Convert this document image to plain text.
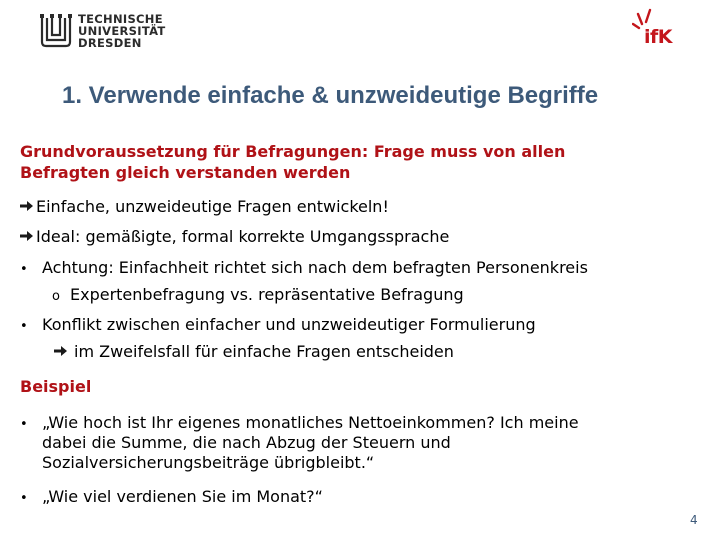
TECHNISCHE
UNIVERSITÄT
DRESDEN	ifK
1. Verwende einfache & unzweideutige Begriffe
Grundvoraussetzung für Befragungen: Frage muss von allen
Befragten gleich verstanden werden
Einfache, unzweideutige Fragen entwickeln!
Ideal: gemäßigte, formal korrekte Umgangssprache
• Achtung: Einfachheit richtet sich nach dem befragten Personenkreis
o Expertenbefragung vs. repräsentative Befragung
• Konflikt zwischen einfacher und unzweideutiger Formulierung
im Zweifelsfall für einfache Fragen entscheiden
Beispiel
• „Wie hoch ist Ihr eigenes monatliches Nettoeinkommen? Ich meine
dabei die Summe, die nach Abzug der Steuern und
Sozialversicherungsbeiträge übrigbleibt.“
• „Wie viel verdienen Sie im Monat?“
4
